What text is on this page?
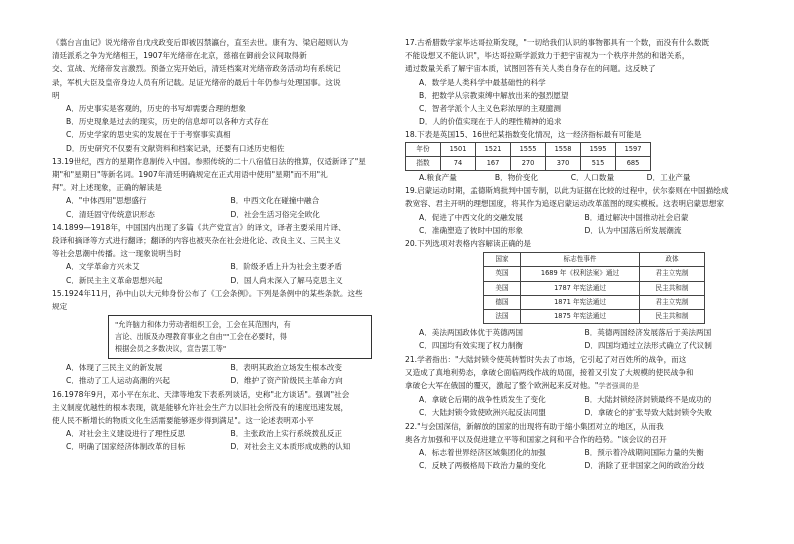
《翦台言血记》说光绪帝自戊戌政变后即被囚禁瀛台，直至去世。康有为、梁启超则认为

清廷派系之争为光绪相王，1907年光绪帝在北京，慈禧在御前会议间取得新

交、宣战、光绪帝发言激烈。预备立宪开始后，清廷档案对光绪帝政务活动均有系统记

录，军机大臣及皇帝身边人员有所记载。足证光绪帝的最后十年仍参与处理国事。这说

明

A．历史事实是客观的，历史的书写却需要合理的想象

B．历史现象是过去的现实，历史的信息却可以各种方式存在

C．历史学家的思史实的发展在于于考察事实真相

D．历史研究不仅要有文献资料和档案记录，还要有口述历史相佐

13.19世纪，西方的星期作息制传入中国。参照传统的二十八宿值日法的推算，仅适新译了"星

期"和"星期日"等新名词。1907年清廷明确规定在正式用语中使用"星期"而不用"礼

拜"。对上述现象，正确的解读是

A．"中体西用"思想盛行	B．中西文化在碰撞中融合
C．清廷固守传统意识形态	D．社会生活习俗完全欧化

14.1899—1918年，中国国内出现了多篇《共产党宣言》的译文，译者主要采用片译、

段译和摘译等方式进行翻译；翻译的内容也被夹杂在社会进化论、改良主义、三民主义

等社会思潮中传播。这一现象说明当时

A．文学革命方兴未艾	B．阶级矛盾上升为社会主要矛盾
C．新民主主义革命思想兴起	D．国人尚未深入了解马克思主义

15.1924年11月，孙中山以大元帅身份公布了《工会条例》。下列是条例中的某些条款。这些

规定

"允许脑力和体力劳动者组织工会，工会在其范围内，有

言论、出版及办理教育事业之自由""工会在必要时，得

根据会员之多数决议，宣告罢工等"

A．体现了三民主义的新发展	B．表明其政治立场发生根本改变
C．推动了工人运动高潮的兴起	D．维护了资产阶级民主革命方向

16.1978年9月，邓小平在东北、天津等地发下表系列谈话，史称"北方谈话"。强调"社会

主义制度优越性的根本表现，就是能够允许社会生产力以旧社会所没有的速度迅速发展，

使人民不断增长的物质文化生活需要能够逐步得到满足"。这一论述表明邓小平

A．对社会主义建设进行了理性反思	B．主张政治上实行系统拨乱反正
C．明确了国家经济体制改革的目标	D．对社会主义本质形成成熟的认知

17.古希腊数学家毕达哥拉斯发现，"一切给我们认识的事物都具有一个数，而没有什么数既

不能设想又不能认识"，毕达哥拉斯学派致力于把宇宙视为一个秩序井然的和谐关系，

通过数量关系了解宇宙本质，试图回答有关人类自身存在的问题。这反映了

A．数学是人类科学中最基础性的科学

B．把数学从宗教束缚中解放出来的强烈愿望

C．智者学派个人主义色彩浓厚的主观臆测

D．人的价值实现在于人的理性精神的追求

18.下表是英国15、16世纪某指数变化情况，这一经济指标最有可能是

年份	1501	1521	1555	1558	1595	1597
指数	74	167	270	370	515	685
A.粮食产量	B．物价变化	C．人口数量	D．工业产量

19.启蒙运动时期，孟德斯鸠批判中国专制，以此为证据在比较的过程中，伏尔泰则在中国描绘成

教宽容、君主开明的理想国度，将其作为追逐启蒙运动改革蓝图的现实模板。这表明启蒙思想家

A．促进了中西文化的交融发展	B．通过解决中国推动社会启蒙
C．准确塑造了彼时中国的形象	D．认为中国落后所发展潮流

20.下列选项对表格内容解读正确的是

国家	标志性事件	政体
英国	1689 年《权利法案》通过	君主立宪制
美国	1787 年宪法通过	民主共和制
德国	1871 年宪法通过	君主立宪制
法国	1875 年宪法通过	民主共和制
A．美法两国政体优于英德两国	B．英德两国经济发展落后于美法两国
C．四国均有效实现了权力制衡	D．四国均通过立法形式确立了代议制

21.学者指出："大陆封锁令使英转暂时失去了市场，它引起了对百姓所的战争，而这

又造成了真地利势态，拿破仑面临两线作战的局面，接着又引发了大规模的使民战争和

拿破仑大军在俄国的覆灭，激起了整个欧洲起来反对他。"学者强调的是

A．拿破仑后期的战争性质发生了变化	B．大陆封锁经济封锁最终不是成功的
C．大陆封锁令致使欧洲兴起反法同盟	D．拿破仑的扩张导致大陆封锁令失败

22."与会国深信，新解放的国家的出现将有助于缩小集团对立的地区，从而我

奥各方加强和平以及促进建立平等和国家之间和平合作的趋势。"该会议的召开

A．标志着世界经济区域集团化的加强	B．预示着冷战期间国际力量的失衡
C．反映了两极格局下政治力量的变化	D．消除了亚非国家之间的政治分歧
